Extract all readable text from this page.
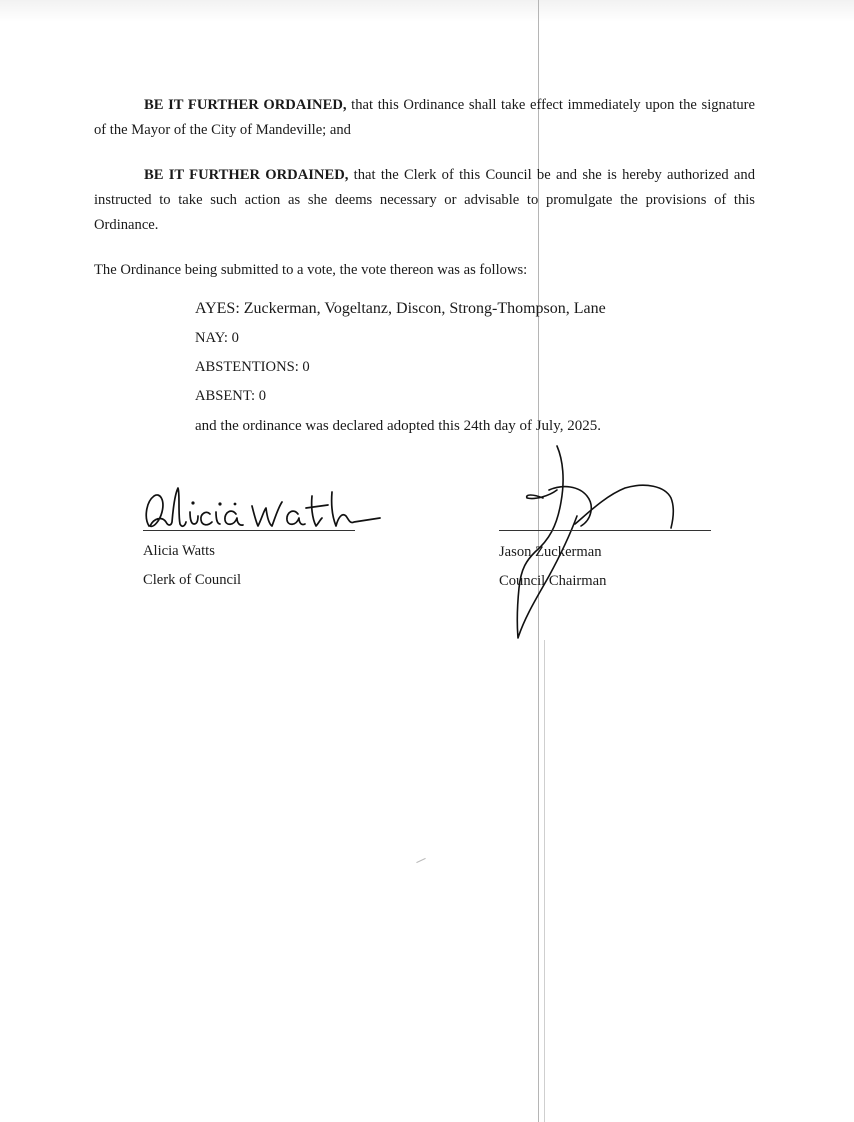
BE IT FURTHER ORDAINED, that this Ordinance shall take effect immediately upon the signature of the Mayor of the City of Mandeville; and

BE IT FURTHER ORDAINED, that the Clerk of this Council be and she is hereby authorized and instructed to take such action as she deems necessary or advisable to promulgate the provisions of this Ordinance.

The Ordinance being submitted to a vote, the vote thereon was as follows:

AYES: Zuckerman, Vogeltanz, Discon, Strong-Thompson, Lane

NAY: 0

ABSTENTIONS: 0

ABSENT: 0

and the ordinance was declared adopted this 24th day of July, 2025.

Alicia Watts

Clerk of Council

Jason Zuckerman

Council Chairman
